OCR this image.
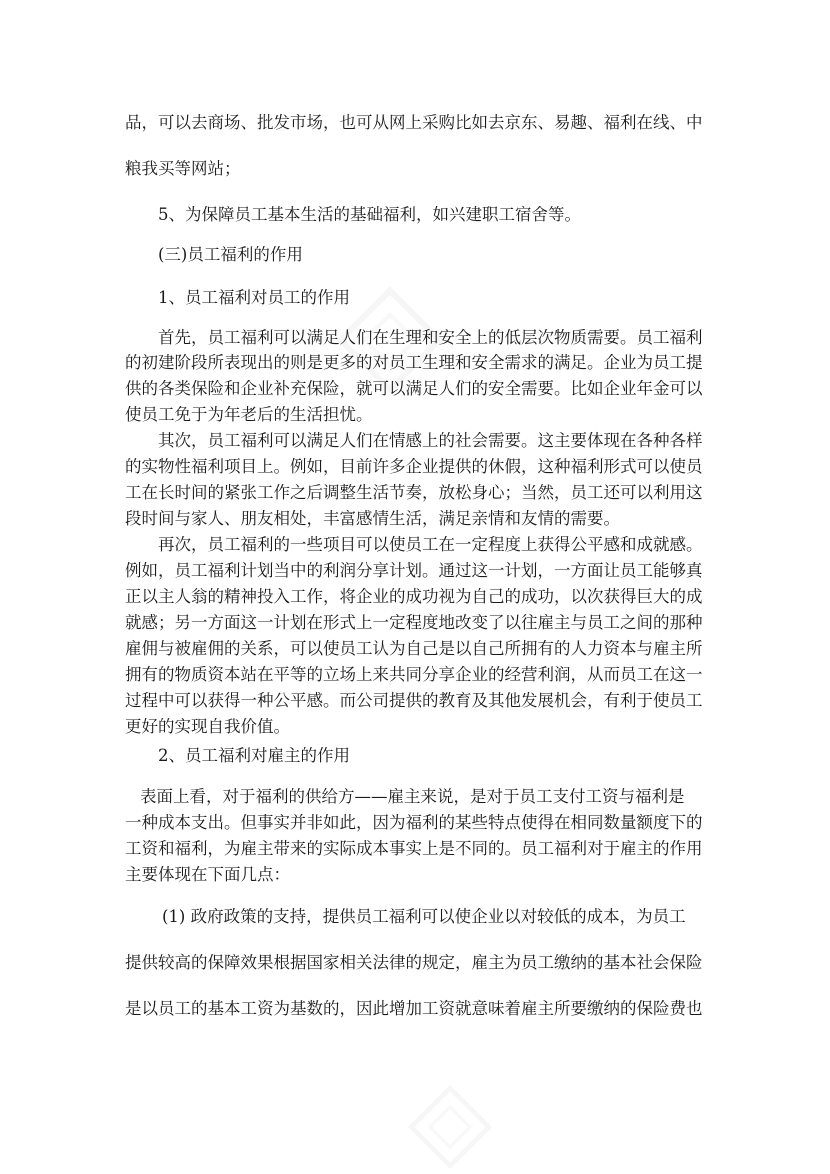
品，可以去商场、批发市场，也可从网上采购比如去京东、易趣、福利在线、中
粮我买等网站；
5、为保障员工基本生活的基础福利，如兴建职工宿舍等。
(三)员工福利的作用
1、员工福利对员工的作用
首先，员工福利可以满足人们在生理和安全上的低层次物质需要。员工福利
的初建阶段所表现出的则是更多的对员工生理和安全需求的满足。企业为员工提
供的各类保险和企业补充保险，就可以满足人们的安全需要。比如企业年金可以
使员工免于为年老后的生活担忧。
其次，员工福利可以满足人们在情感上的社会需要。这主要体现在各种各样
的实物性福利项目上。例如，目前许多企业提供的休假，这种福利形式可以使员
工在长时间的紧张工作之后调整生活节奏，放松身心；当然，员工还可以利用这
段时间与家人、朋友相处，丰富感情生活，满足亲情和友情的需要。
再次，员工福利的一些项目可以使员工在一定程度上获得公平感和成就感。
例如，员工福利计划当中的利润分享计划。通过这一计划，一方面让员工能够真
正以主人翁的精神投入工作，将企业的成功视为自己的成功，以次获得巨大的成
就感；另一方面这一计划在形式上一定程度地改变了以往雇主与员工之间的那种
雇佣与被雇佣的关系，可以使员工认为自己是以自己所拥有的人力资本与雇主所
拥有的物质资本站在平等的立场上来共同分享企业的经营利润，从而员工在这一
过程中可以获得一种公平感。而公司提供的教育及其他发展机会，有利于使员工
更好的实现自我价值。
2、员工福利对雇主的作用
表面上看，对于福利的供给方——雇主来说，是对于员工支付工资与福利是
一种成本支出。但事实并非如此，因为福利的某些特点使得在相同数量额度下的
工资和福利，为雇主带来的实际成本事实上是不同的。员工福利对于雇主的作用
主要体现在下面几点：
(1) 政府政策的支持，提供员工福利可以使企业以对较低的成本，为员工
提供较高的保障效果根据国家相关法律的规定，雇主为员工缴纳的基本社会保险
是以员工的基本工资为基数的，因此增加工资就意味着雇主所要缴纳的保险费也
